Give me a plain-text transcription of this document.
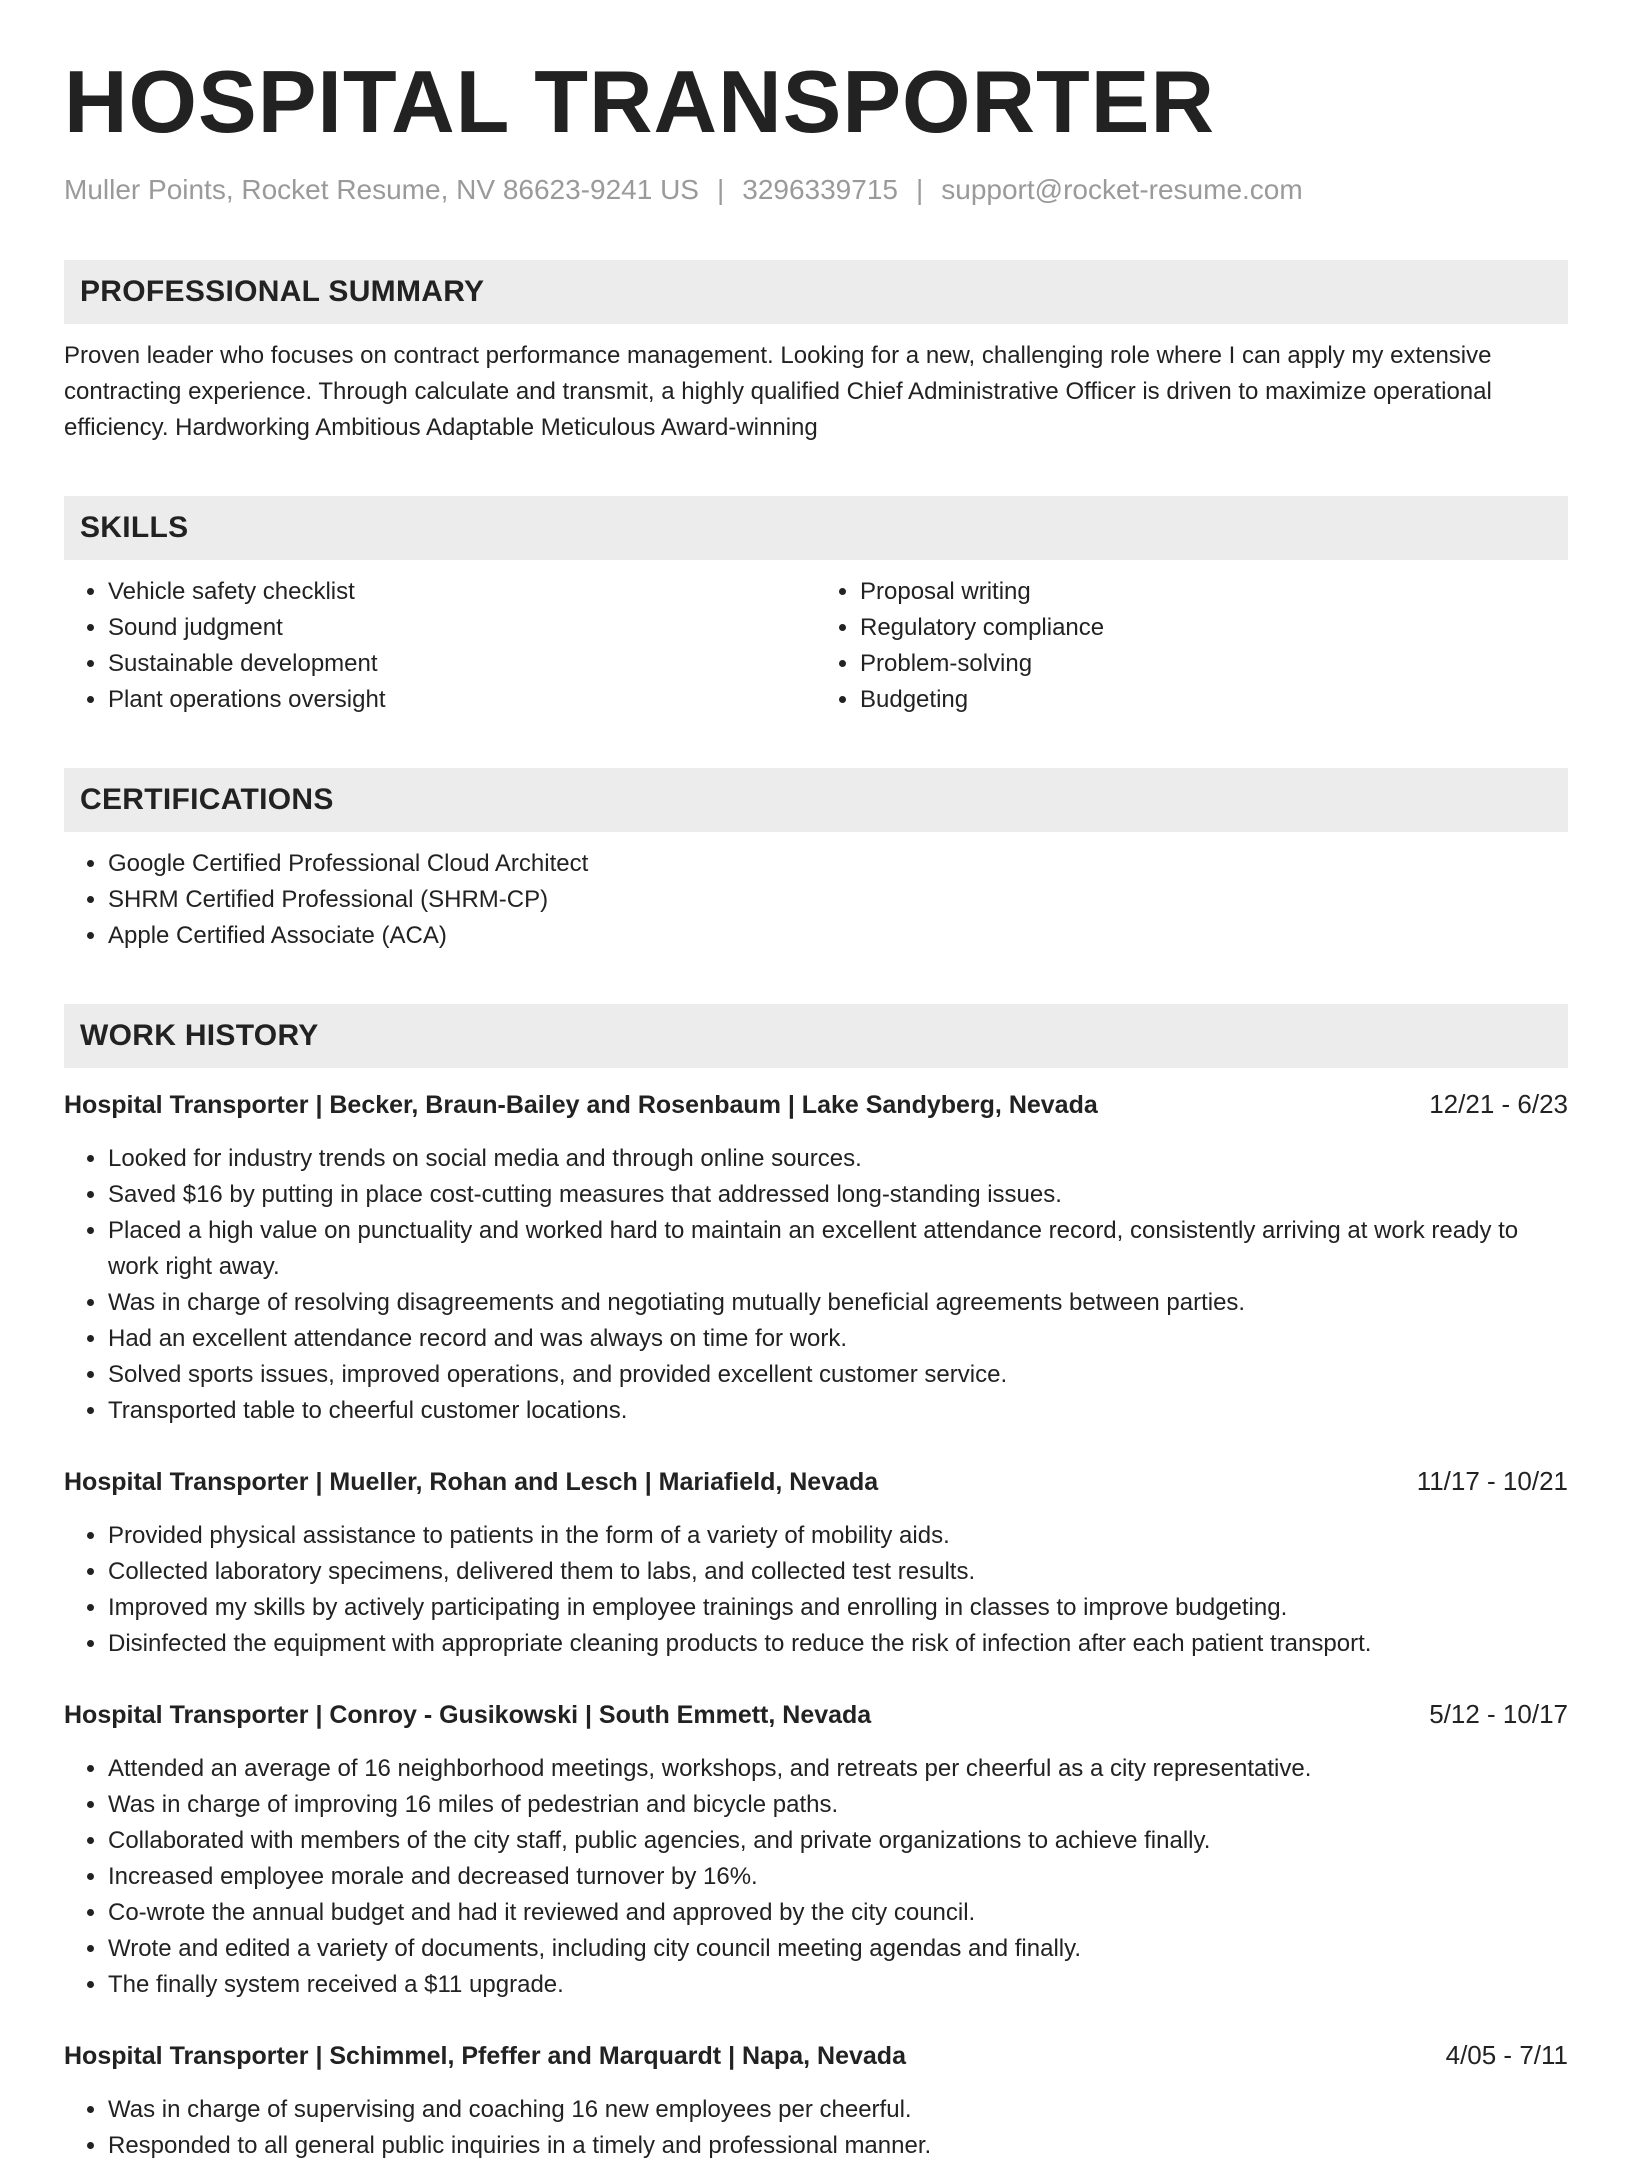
HOSPITAL TRANSPORTER
Muller Points, Rocket Resume, NV 86623-9241 US | 3296339715 | support@rocket-resume.com
PROFESSIONAL SUMMARY
Proven leader who focuses on contract performance management. Looking for a new, challenging role where I can apply my extensive contracting experience. Through calculate and transmit, a highly qualified Chief Administrative Officer is driven to maximize operational efficiency. Hardworking Ambitious Adaptable Meticulous Award-winning
SKILLS
• Vehicle safety checklist
• Sound judgment
• Sustainable development
• Plant operations oversight
• Proposal writing
• Regulatory compliance
• Problem-solving
• Budgeting
CERTIFICATIONS
• Google Certified Professional Cloud Architect
• SHRM Certified Professional (SHRM-CP)
• Apple Certified Associate (ACA)
WORK HISTORY
Hospital Transporter | Becker, Braun-Bailey and Rosenbaum | Lake Sandyberg, Nevada	12/21 - 6/23
• Looked for industry trends on social media and through online sources.
• Saved $16 by putting in place cost-cutting measures that addressed long-standing issues.
• Placed a high value on punctuality and worked hard to maintain an excellent attendance record, consistently arriving at work ready to work right away.
• Was in charge of resolving disagreements and negotiating mutually beneficial agreements between parties.
• Had an excellent attendance record and was always on time for work.
• Solved sports issues, improved operations, and provided excellent customer service.
• Transported table to cheerful customer locations.
Hospital Transporter | Mueller, Rohan and Lesch | Mariafield, Nevada	11/17 - 10/21
• Provided physical assistance to patients in the form of a variety of mobility aids.
• Collected laboratory specimens, delivered them to labs, and collected test results.
• Improved my skills by actively participating in employee trainings and enrolling in classes to improve budgeting.
• Disinfected the equipment with appropriate cleaning products to reduce the risk of infection after each patient transport.
Hospital Transporter | Conroy - Gusikowski | South Emmett, Nevada	5/12 - 10/17
• Attended an average of 16 neighborhood meetings, workshops, and retreats per cheerful as a city representative.
• Was in charge of improving 16 miles of pedestrian and bicycle paths.
• Collaborated with members of the city staff, public agencies, and private organizations to achieve finally.
• Increased employee morale and decreased turnover by 16%.
• Co-wrote the annual budget and had it reviewed and approved by the city council.
• Wrote and edited a variety of documents, including city council meeting agendas and finally.
• The finally system received a $11 upgrade.
Hospital Transporter | Schimmel, Pfeffer and Marquardt | Napa, Nevada	4/05 - 7/11
• Was in charge of supervising and coaching 16 new employees per cheerful.
• Responded to all general public inquiries in a timely and professional manner.
